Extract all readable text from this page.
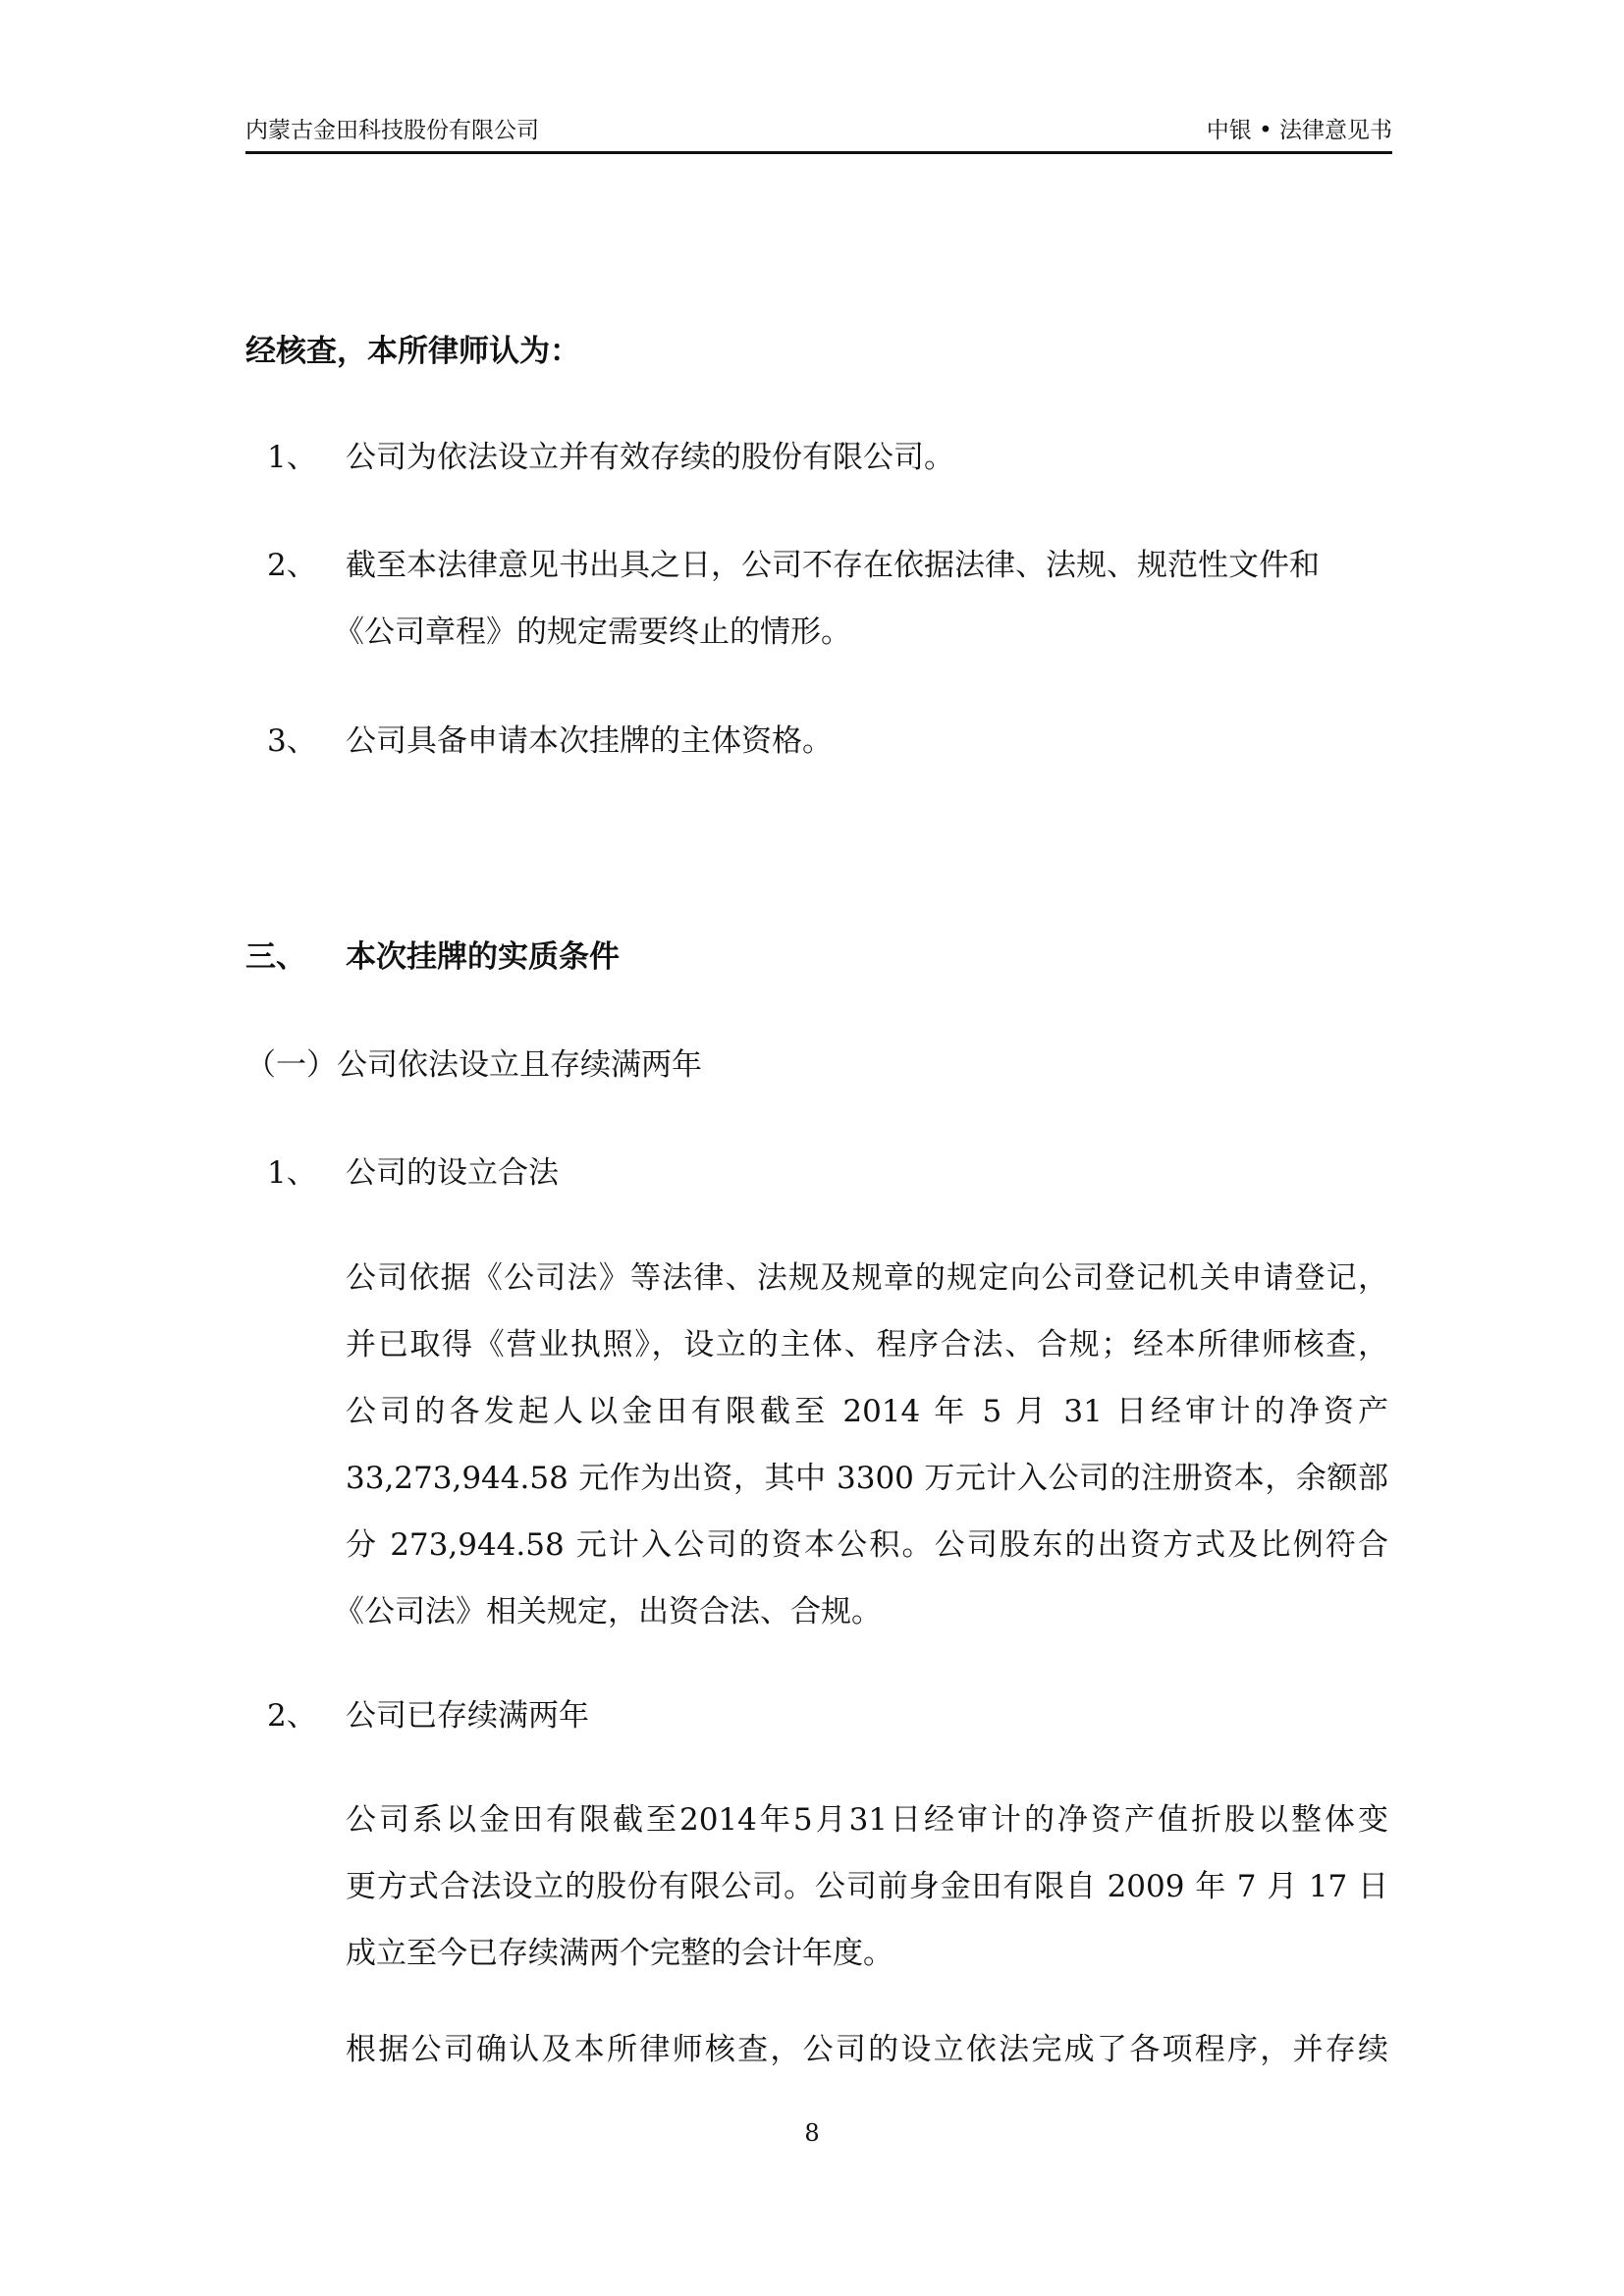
内蒙古金田科技股份有限公司	中银 • 法律意见书
经核查，本所律师认为：
1、 公司为依法设立并有效存续的股份有限公司。
2、 截至本法律意见书出具之日，公司不存在依据法律、法规、规范性文件和
《公司章程》的规定需要终止的情形。
3、 公司具备申请本次挂牌的主体资格。
三、 本次挂牌的实质条件
（一）公司依法设立且存续满两年
1、 公司的设立合法
公司依据《公司法》等法律、法规及规章的规定向公司登记机关申请登记，
并已取得《营业执照》，设立的主体、程序合法、合规；经本所律师核查，
公司的各发起人以金田有限截至 2014 年 5 月 31 日经审计的净资产
33,273,944.58 元作为出资，其中 3300 万元计入公司的注册资本，余额部
分 273,944.58 元计入公司的资本公积。公司股东的出资方式及比例符合
《公司法》相关规定，出资合法、合规。
2、 公司已存续满两年
公司系以金田有限截至2014年5月31日经审计的净资产值折股以整体变
更方式合法设立的股份有限公司。公司前身金田有限自 2009 年 7 月 17 日
成立至今已存续满两个完整的会计年度。
根据公司确认及本所律师核查，公司的设立依法完成了各项程序，并存续
8
